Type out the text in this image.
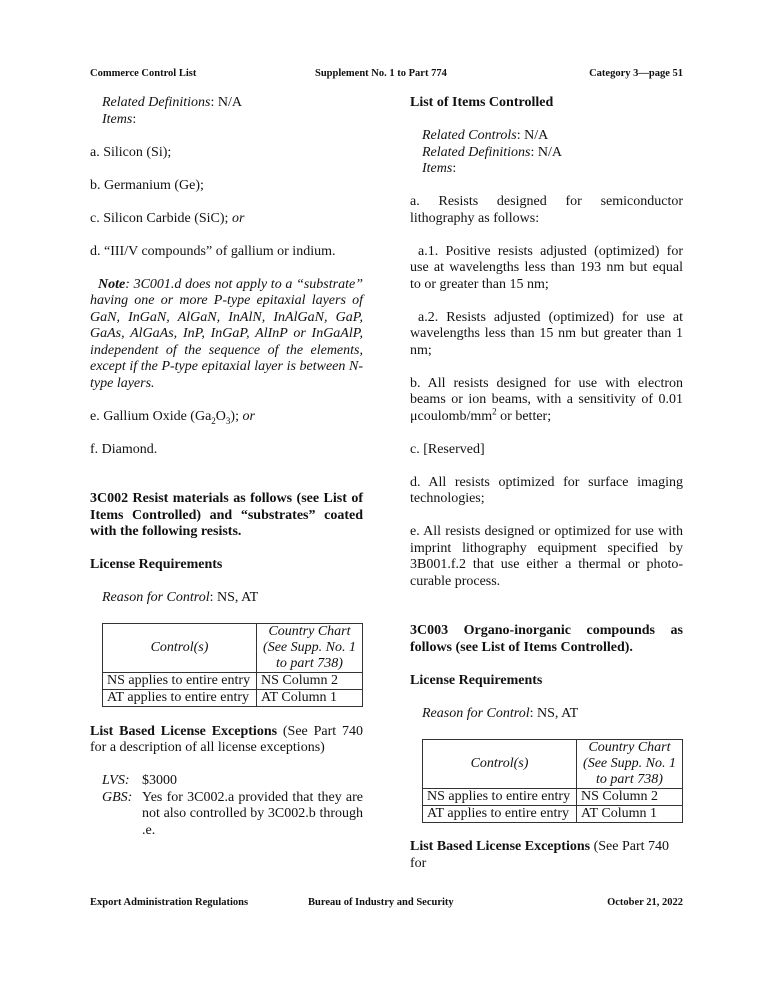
Commerce Control List	Supplement No. 1 to Part 774	Category 3—page 51

Related Definitions: N/A

Items:

a. Silicon (Si);

b. Germanium (Ge);

c. Silicon Carbide (SiC); or

d. “III/V compounds” of gallium or indium.

Note: 3C001.d does not apply to a “substrate” having one or more P-type epitaxial layers of GaN, InGaN, AlGaN, InAlN, InAlGaN, GaP, GaAs, AlGaAs, InP, InGaP, AlInP or InGaAlP, independent of the sequence of the elements, except if the P-type epitaxial layer is between N-type layers.

e. Gallium Oxide $(Ga_2O_3)$; or

f. Diamond.

3C002 Resist materials as follows (see List of Items Controlled) and “substrates” coated with the following resists.

License Requirements

Reason for Control: NS, AT

Control(s)	Country Chart (See Supp. No. 1 to part 738)
NS applies to entire entry	NS Column 2
AT applies to entire entry	AT Column 1

List Based License Exceptions (See Part 740 for a description of all license exceptions)

LVS: $3000
GBS: Yes for 3C002.a provided that they are not also controlled by 3C002.b through .e.

List of Items Controlled

Related Controls: N/A

Related Definitions: N/A

Items:

a. Resists designed for semiconductor lithography as follows:

a.1. Positive resists adjusted (optimized) for use at wavelengths less than 193 nm but equal to or greater than 15 nm;

a.2. Resists adjusted (optimized) for use at wavelengths less than 15 nm but greater than 1 nm;

b. All resists designed for use with electron beams or ion beams, with a sensitivity of 0.01 μcoulomb/$mm^2$ or better;

c. [Reserved]

d. All resists optimized for surface imaging technologies;

e. All resists designed or optimized for use with imprint lithography equipment specified by 3B001.f.2 that use either a thermal or photo-curable process.

3C003 Organo-inorganic compounds as follows (see List of Items Controlled).

License Requirements

Reason for Control: NS, AT

Control(s)	Country Chart (See Supp. No. 1 to part 738)
NS applies to entire entry	NS Column 2
AT applies to entire entry	AT Column 1

List Based License Exceptions (See Part 740 for

Export Administration Regulations	Bureau of Industry and Security	October 21, 2022
